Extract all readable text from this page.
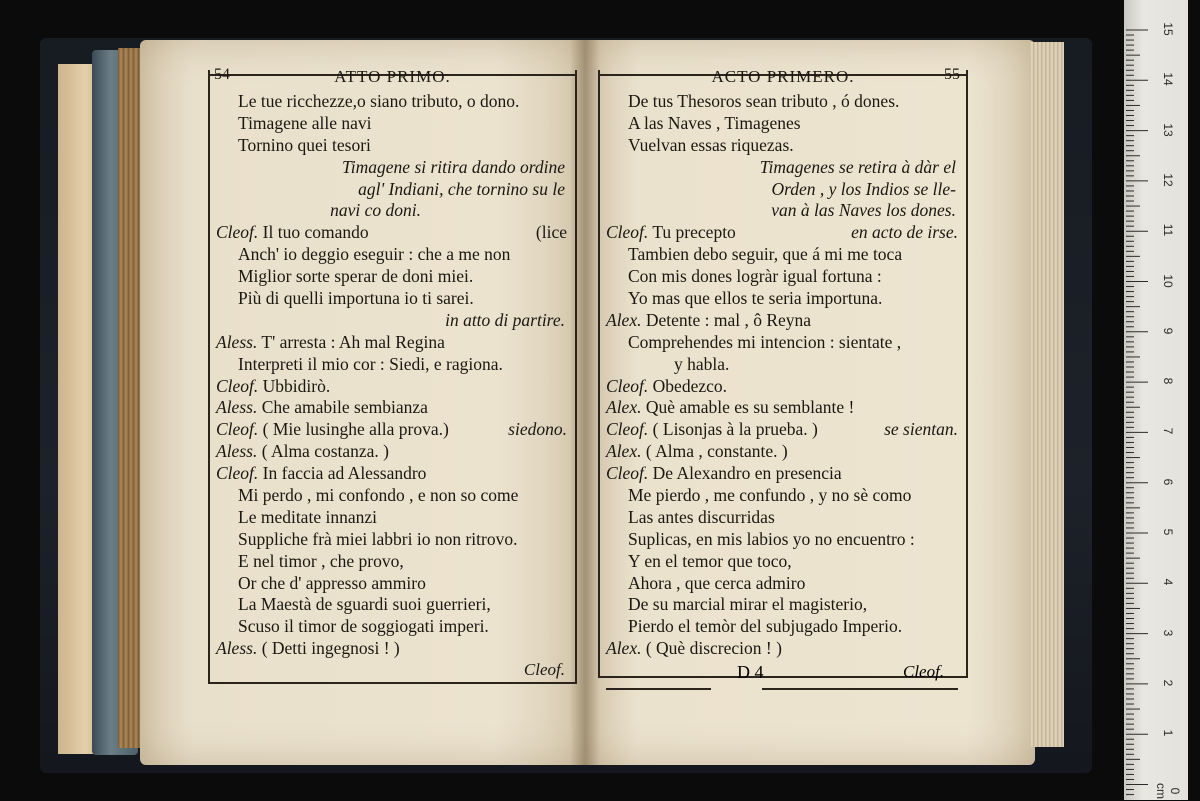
54	ATTO PRIMO.
Le tue ricchezze,o siano tributo, o dono.
Timagene alle navi
Tornino quei tesori
Timagene si ritira dando ordine
agl' Indiani, che tornino su le
navi co doni.
Cleof. Il tuo comando	(lice
Anch' io deggio eseguir : che a me non
Miglior sorte sperar de doni miei.
Più di quelli importuna io ti sarei.
in atto di partire.
Aless. T' arresta : Ah mal Regina
Interpreti il mio cor : Siedi, e ragiona.
Cleof. Ubbidirò.
Aless. Che amabile sembianza
Cleof. ( Mie lusinghe alla prova.)	siedono.
Aless. ( Alma costanza. )
Cleof. In faccia ad Alessandro
Mi perdo , mi confondo , e non so come
Le meditate innanzi
Suppliche frà miei labbri io non ritrovo.
E nel timor , che provo,
Or che d' appresso ammiro
La Maestà de sguardi suoi guerrieri,
Scuso il timor de soggiogati imperi.
Aless. ( Detti ingegnosi ! )
Cleof.
ACTO PRIMERO.	55
De tus Thesoros sean tributo , ó dones.
A las Naves , Timagenes
Vuelvan essas riquezas.
Timagenes se retira à dàr el
Orden , y los Indios se lle-
van à las Naves los dones.
Cleof. Tu precepto	en acto de irse.
Tambien debo seguir, que á mi me toca
Con mis dones logràr igual fortuna :
Yo mas que ellos te seria importuna.
Alex. Detente : mal , ô Reyna
Comprehendes mi intencion : sientate ,
y habla.
Cleof. Obedezco.
Alex. Què amable es su semblante !
Cleof. ( Lisonjas à la prueba. )	se sientan.
Alex. ( Alma , constante. )
Cleof. De Alexandro en presencia
Me pierdo , me confundo , y no sè como
Las antes discurridas
Suplicas, en mis labios yo no encuentro :
Y en el temor que toco,
Ahora , que cerca admiro
De su marcial mirar el magisterio,
Pierdo el temòr del subjugado Imperio.
Alex. ( Què discrecion ! )
D 4	Cleof.
15
14
13
12
11
10
9
8
7
6
5
4
3
2
1
0 cm
